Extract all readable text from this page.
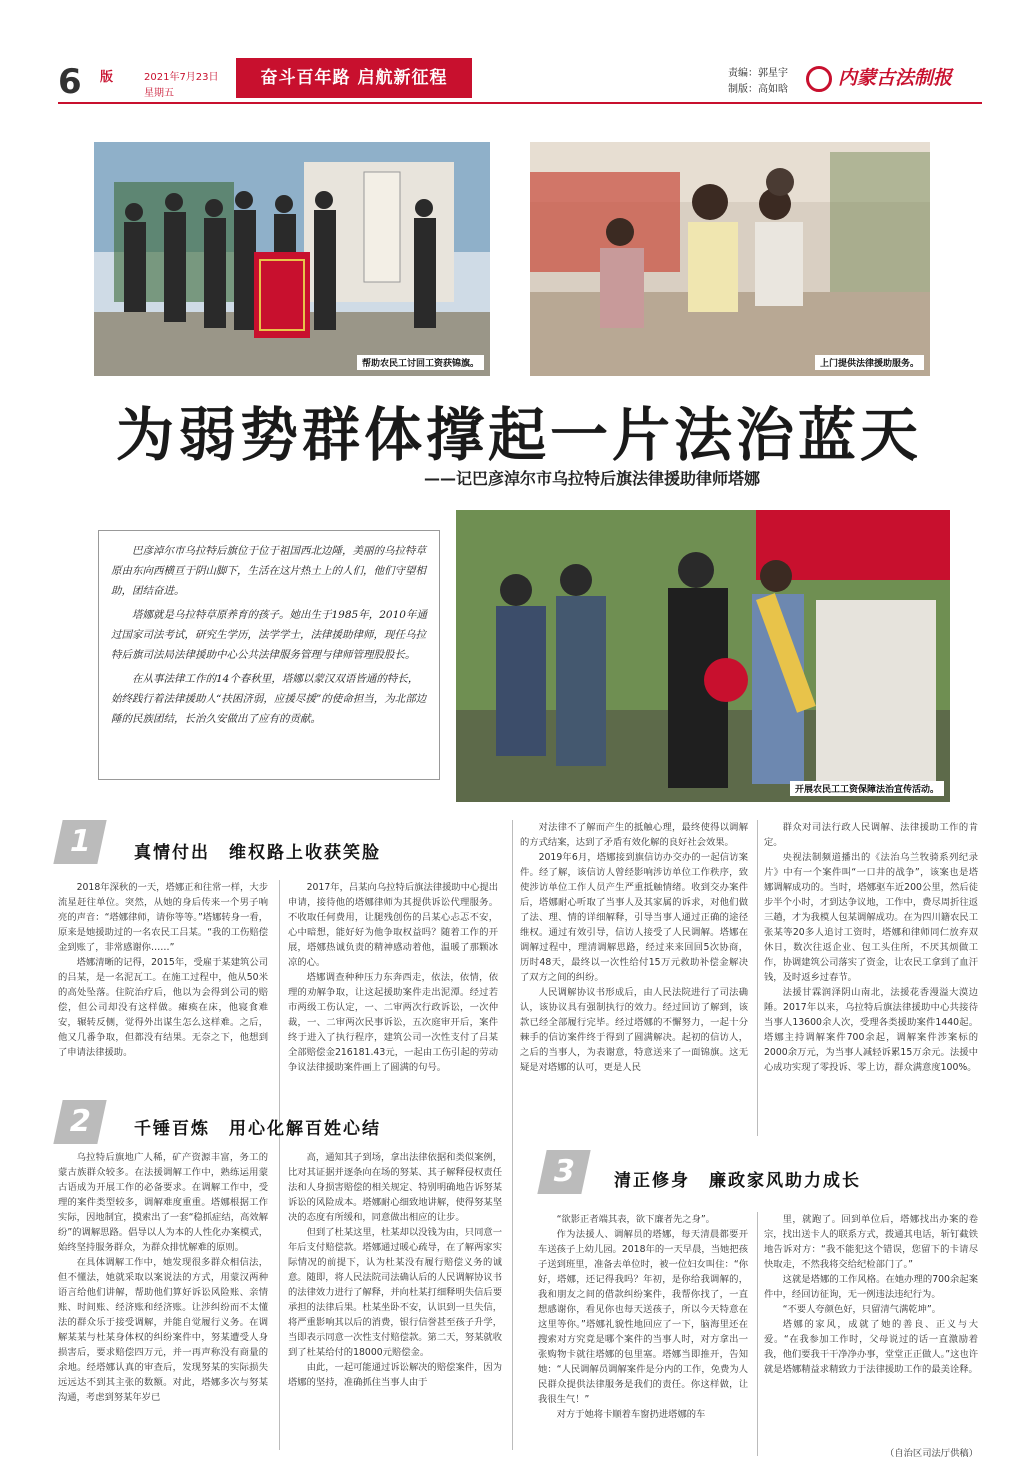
6 版	2021年7月23日
星期五
奋斗百年路 启航新征程	责编：郭星宇
制版：高如晗
内蒙古法制报
帮助农民工讨回工资获锦旗。	上门提供法律援助服务。
为弱势群体撑起一片法治蓝天
——记巴彦淖尔市乌拉特后旗法律援助律师塔娜

巴彦淖尔市乌拉特后旗位于位于祖国西北边陲，美丽的乌拉特草原由东向西横亘于阴山脚下，生活在这片热土上的人们，他们守望相助，团结奋进。

塔娜就是乌拉特草原养育的孩子。她出生于1985年，2010年通过国家司法考试，研究生学历，法学学士，法律援助律师，现任乌拉特后旗司法局法律援助中心公共法律服务管理与律师管理股股长。

在从事法律工作的14个春秋里，塔娜以蒙汉双语皆通的特长，始终践行着法律援助人“扶困济弱，应援尽援”的使命担当，为北部边陲的民族团结，长治久安做出了应有的贡献。

开展农民工工资保障法治宣传活动。
1	真情付出　维权路上收获笑脸

2018年深秋的一天，塔娜正和往常一样，大步流星赶往单位。突然，从她的身后传来一个男子响亮的声音：“塔娜律师，请你等等。”塔娜转身一看，原来是她援助过的一名农民工吕某。“我的工伤赔偿金到账了，非常感谢你……”

塔娜清晰的记得，2015年，受雇于某建筑公司的吕某，是一名泥瓦工。在施工过程中，他从50米的高处坠落。住院治疗后，他以为会得到公司的赔偿，但公司却没有这样做。瘫痪在床，他寝食难安，辗转反侧，觉得外出谋生怎么这样难。之后，他又几番争取，但都没有结果。无奈之下，他想到了申请法律援助。

2017年，吕某向乌拉特后旗法律援助中心提出申请，接待他的塔娜律师为其提供诉讼代理服务。不收取任何费用，让腿残创伤的吕某心忐忑不安，心中暗想，能好好为他争取权益吗？随着工作的开展，塔娜热诚负责的精神感动着他，温暖了那颗冰凉的心。

塔娜调查种种压力东奔西走，依法，依情，依理的劝解争取，让这起援助案件走出泥潭。经过若市两级工伤认定，一、二审两次行政诉讼，一次仲裁，一、二审两次民事诉讼，五次庭审开后，案件终于进入了执行程序，建筑公司一次性支付了吕某全部赔偿金216181.43元，一起由工伤引起的劳动争议法律援助案件画上了圆满的句号。

对法律不了解而产生的抵触心理，最终使得以调解的方式结案，达到了矛盾有效化解的良好社会效果。

2019年6月，塔娜接到旗信访办交办的一起信访案件。经了解，该信访人曾经影响涉访单位工作秩序，致使涉访单位工作人员产生严重抵触情绪。收到交办案件后，塔娜耐心听取了当事人及其家属的诉求，对他们做了法、理、情的详细解释，引导当事人通过正确的途径维权。通过有效引导，信访人接受了人民调解。塔娜在调解过程中，理清调解思路，经过来来回回5次协商，历时48天，最终以一次性给付15万元救助补偿金解决了双方之间的纠纷。

人民调解协议书形成后，由人民法院进行了司法确认，该协议具有强制执行的效力。经过回访了解到，该款已经全部履行完毕。经过塔娜的不懈努力，一起十分棘手的信访案件终于得到了圆满解决。起初的信访人，之后的当事人，为表谢意，特意送来了一面锦旗。这无疑是对塔娜的认可，更是人民

群众对司法行政人民调解、法律援助工作的肯定。

央视法制频道播出的《法治乌兰牧骑系列纪录片》中有一个案件叫“一口井的战争”，该案也是塔娜调解成功的。当时，塔娜驱车近200公里，然后徒步半个小时，才到达争议地，工作中，费尽周折往返三趟，才为我模人包某调解成功。在为四川籍农民工张某等20多人追讨工资时，塔娜和律师同仁放弃双休日，数次往返企业、包工头住所，不厌其烦做工作，协调建筑公司落实了资金，让农民工拿到了血汗钱，及时返乡过春节。

法援甘霖润泽阴山南北，法援花香漫溢大漠边陲。2017年以来，乌拉特后旗法律援助中心共接待当事人13600余人次，受理各类援助案件1440起。塔娜主持调解案件700余起，调解案件涉案标的2000余万元，为当事人减轻诉累15万余元。法援中心成功实现了零投诉、零上访，群众满意度100%。

2	千锤百炼　用心化解百姓心结

乌拉特后旗地广人稀，矿产资源丰富，务工的蒙古族群众较多。在法援调解工作中，熟练运用蒙古语成为开展工作的必备要求。在调解工作中，受理的案件类型较多，调解难度重重。塔娜根据工作实际，因地制宜，摸索出了一套“稳抓症结，高效解纷”的调解思路。倡导以人为本的人性化办案模式，始终坚持服务群众，为群众排忧解难的原则。

在具体调解工作中，她发现很多群众相信法，但不懂法，她就采取以案说法的方式，用蒙汉两种语言给他们讲解，帮助他们算好诉讼风险账、亲情账、时间账、经济账和经济账。让涉纠纷而不太懂法的群众乐于接受调解，并能自觉履行义务。在调解某某与杜某身体权的纠纷案件中，努某遭受人身损害后，要求赔偿四万元，并一再声称没有商量的余地。经塔娜认真的审查后，发现努某的实际损失远远达不到其主张的数额。对此，塔娜多次与努某沟通，考虑到努某年岁已

高，通知其子到场，拿出法律依据和类似案例，比对其证据并逐条向在场的努某、其子解释侵权责任法和人身损害赔偿的相关规定、特别明确地告诉努某诉讼的风险成本。塔娜耐心细致地讲解，使得努某坚决的态度有所缓和，同意做出相应的让步。

但到了杜某这里，杜某却以没钱为由，只同意一年后支付赔偿款。塔娜通过暖心疏导，在了解两家实际情况的前提下，认为杜某没有履行赔偿义务的诚意。随即，将人民法院司法确认后的人民调解协议书的法律效力进行了解释，并向杜某打细释明失信后要承担的法律后果。杜某坐卧不安，认识到一旦失信，将严重影响其以后的消费，银行信誉甚至孩子升学，当即表示同意一次性支付赔偿款。第二天，努某就收到了杜某给付的18000元赔偿金。

由此，一起可能通过诉讼解决的赔偿案件，因为塔娜的坚持，准确抓住当事人由于

3	清正修身　廉政家风助力成长

“欲影正者端其表，欲下廉者先之身”。

作为法援人、调解员的塔娜，每天清晨都要开车送孩子上幼儿园。2018年的一天早晨，当她把孩子送到班里，准备去单位时，被一位妇女叫住：“你好，塔娜，还记得我吗？年初，是你给我调解的，我和朋友之间的借款纠纷案件，我帮你找了，一直想感谢你，看见你也每天送孩子，所以今天特意在这里等你。”塔娜礼貌性地回应了一下，脑海里还在搜索对方究竟是哪个案件的当事人时，对方拿出一张购物卡就往塔娜的包里塞。塔娜当即推开，告知她：“人民调解员调解案件是分内的工作，免费为人民群众提供法律服务是我们的责任。你这样做，让我很生气！”

对方于她将卡顺着车窗扔进塔娜的车

里，就跑了。回到单位后，塔娜找出办案的卷宗，找出送卡人的联系方式，拨通其电话，斩钉截铁地告诉对方：“我不能犯这个错误，您留下的卡请尽快取走，不然我将交给纪检部门了。”

这就是塔娜的工作风格。在她办理的700余起案件中，经回访征询，无一例违法违纪行为。

“不要人夸颜色好，只留清气满乾坤”。

塔娜的家风，成就了她的善良、正义与大爱。“在我参加工作时，父母说过的话一直激励着我，他们要我干干净净办事，堂堂正正做人。”这也许就是塔娜精益求精致力于法律援助工作的最美诠释。

（自治区司法厅供稿）
